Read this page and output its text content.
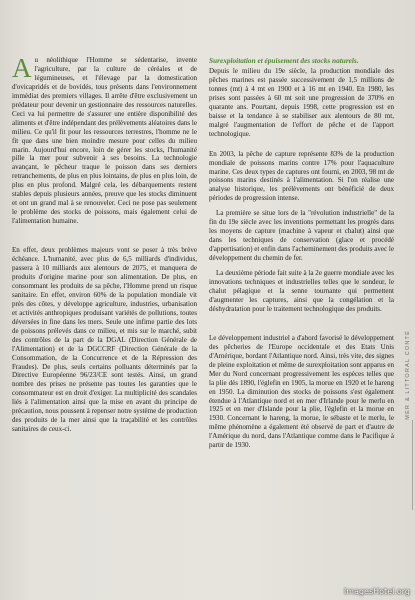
Au néolithique l'Homme se sédentarise, invente l'agriculture, par la culture de céréales et de légumineuses, et l'élevage par la domestication d'ovicapridés et de bovidés, tous présents dans l'environnement immédiat des premiers villages. Il arrête d'être exclusivement un prédateur pour devenir un gestionnaire des ressources naturelles. Ceci va lui permettre de s'assurer une entière disponibilité des aliments et d'être indépendant des prélèvements aléatoires dans le milieu. Ce qu'il fit pour les ressources terrestres, l'homme ne le fit que dans une bien moindre mesure pour celles du milieu marin. Aujourd'hui encore, loin de gérer les stocks, l'humanité pille la mer pour subvenir à ses besoins. La technologie avançant, le pêcheur traque le poisson dans ses derniers retranchements, de plus en plus lointains, de plus en plus loin, de plus en plus profond. Malgré cela, les débarquements restent stables depuis plusieurs années, preuve que les stocks diminuent et ont un grand mal à se renouveler. Ceci ne pose pas seulement le problème des stocks de poissons, mais également celui de l'alimentation humaine.

En effet, deux problèmes majeurs vont se poser à très brève échéance. L'humanité, avec plus de 6,5 milliards d'individus, passera à 10 milliards aux alentours de 2075, et manquera de produits d'origine marine pour son alimentation. De plus, en consommant les produits de sa pêche, l'Homme prend un risque sanitaire. En effet, environ 60% de la population mondiale vit près des côtes, y développe agriculture, industries, urbanisation et activités anthropiques produisant variétés de pollutions, toutes déversées in fine dans les mers. Seule une infime partie des lots de poissons prélevés dans ce milieu, et mis sur le marché, subit des contrôles de la part de la DGAL (Direction Générale de l'Alimentation) et de la DGCCRF (Direction Générale de la Consommation, de la Concurrence et de la Répression des Fraudes). De plus, seuls certains polluants déterminés par la Directive Européenne 96/23/CE sont testés. Ainsi, un grand nombre des prises ne présente pas toutes les garanties que le consommateur est en droit d'exiger. La multiplicité des scandales liés à l'alimentation ainsi que la mise en avant du principe de précaution, nous poussent à repenser notre système de production des produits de la mer ainsi que la traçabilité et les contrôles sanitaires de ceux-ci.

Surexploitation et épuisement des stocks naturels.

Depuis le milieu du 19e siècle, la production mondiale des pêches marines est passée successivement de 1,5 millions de tonnes (mt) à 4 mt en 1900 et à 16 mt en 1940. En 1980, les prises sont passées à 60 mt soit une progression de 370% en quarante ans. Pourtant, depuis 1998, cette progression est en baisse et la tendance à se stabiliser aux alentours de 80 mt, malgré l'augmentation de l'effort de pêche et de l'apport technologique.

En 2003, la pêche de capture représente 83% de la production mondiale de poissons marins contre 17% pour l'aquaculture marine. Ces deux types de captures ont fourni, en 2003, 98 mt de poissons marins destinés à l'alimentation. Si l'on réalise une analyse historique, les prélèvements ont bénéficié de deux périodes de progression intense.

La première se situe lors de la "révolution industrielle" de la fin du 19e siècle avec les inventions permettant les progrès dans les moyens de capture (machine à vapeur et chalut) ainsi que dans les techniques de conservation (glace et procédé d'appertisation) et enfin dans l'acheminement des produits avec le développement du chemin de fer.

La deuxième période fait suite à la 2e guerre mondiale avec les innovations techniques et industrielles telles que le sondeur, le chalut pélagique et la senne tournante qui permettent d'augmenter les captures, ainsi que la congélation et la déshydratation pour le traitement technologique des produits.

Le développement industriel a d'abord favorisé le développement des pêcheries de l'Europe occidentale et des Etats Unis d'Amérique, bordant l'Atlantique nord. Ainsi, très vite, des signes de pleine exploitation et même de surexploitation sont apparus en Mer du Nord concernant progressivement les espèces telles que la plie dès 1890, l'églefin en 1905, la morue en 1920 et le hareng en 1950. La diminution des stocks de poissons s'est également étendue à l'Atlantique nord et en mer d'Irlande pour le merlu en 1925 et en mer d'Islande pour la plie, l'églefin et la morue en 1930. Concernant le hareng, la morue, le sébaste et le merlu, le même phénomène a également été observé de part et d'autre de l'Amérique du nord, dans l'Atlantique comme dans le Pacifique à partir de 1930.

MER & LITTORAL CONTÉ
ImagesHotel.org
